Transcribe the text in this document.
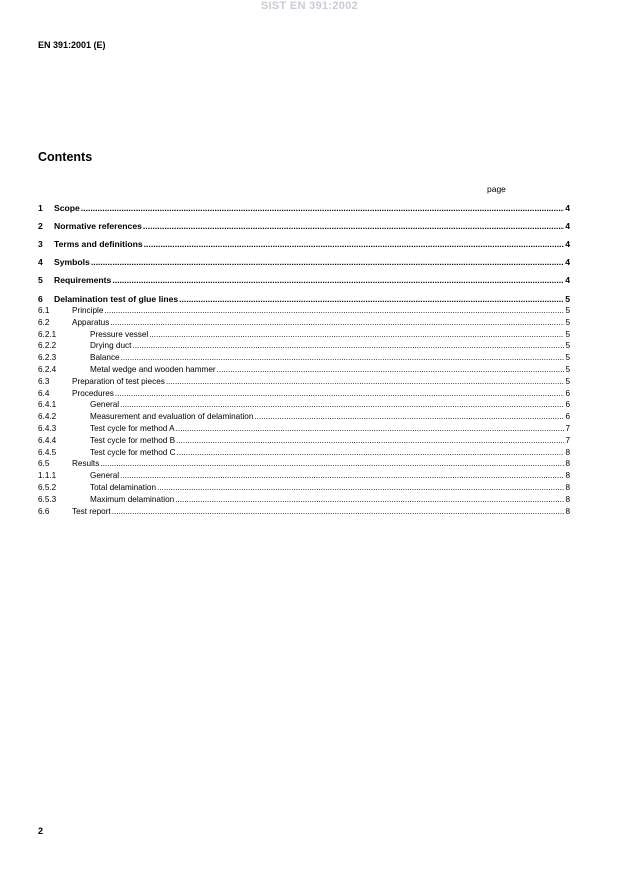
SIST EN 391:2002
EN 391:2001 (E)
Contents
page
1	Scope .....	4
2	Normative references .....	4
3	Terms and definitions .....	4
4	Symbols .....	4
5	Requirements .....	4
6	Delamination test of glue lines .....	5
6.1	Principle .....	5
6.2	Apparatus .....	5
6.2.1	Pressure vessel .....	5
6.2.2	Drying duct .....	5
6.2.3	Balance .....	5
6.2.4	Metal wedge and wooden hammer .....	5
6.3	Preparation of test pieces .....	5
6.4	Procedures .....	6
6.4.1	General .....	6
6.4.2	Measurement and evaluation of delamination .....	6
6.4.3	Test cycle for method A .....	7
6.4.4	Test cycle for method B .....	7
6.4.5	Test cycle for method C .....	8
6.5	Results .....	8
1.1.1	General .....	8
6.5.2	Total delamination .....	8
6.5.3	Maximum delamination .....	8
6.6	Test report .....	8
2
